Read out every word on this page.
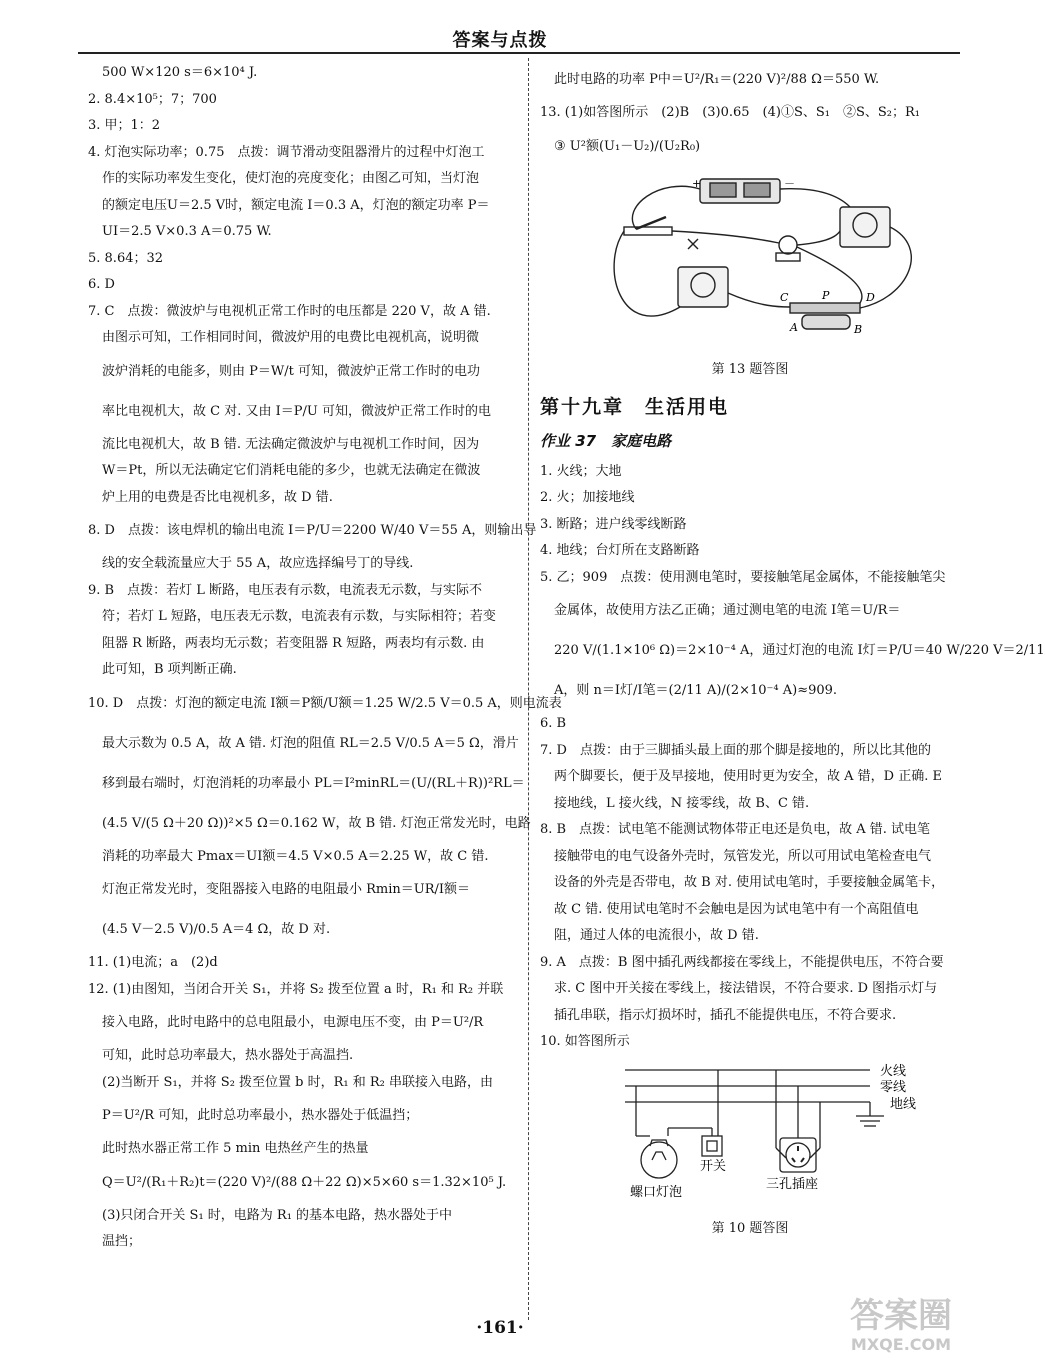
答案与点拨
500 W×120 s＝6×10⁴ J.
2. 8.4×10⁵；7；700
3. 甲；1：2
4. 灯泡实际功率；0.75　点拨：调节滑动变阻器滑片的过程中灯泡工
作的实际功率发生变化，使灯泡的亮度变化；由图乙可知，当灯泡
的额定电压U＝2.5 V时，额定电流 I＝0.3 A，灯泡的额定功率 P＝
UI＝2.5 V×0.3 A＝0.75 W.
5. 8.64；32
6. D
7. C　点拨：微波炉与电视机正常工作时的电压都是 220 V，故 A 错.
由图示可知，工作相同时间，微波炉用的电费比电视机高，说明微
波炉消耗的电能多，则由 P＝W/t 可知，微波炉正常工作时的电功
率比电视机大，故 C 对. 又由 I＝P/U 可知，微波炉正常工作时的电
流比电视机大，故 B 错. 无法确定微波炉与电视机工作时间，因为
W＝Pt，所以无法确定它们消耗电能的多少，也就无法确定在微波
炉上用的电费是否比电视机多，故 D 错.
8. D　点拨：该电焊机的输出电流 I＝P/U＝2200 W/40 V＝55 A，则输出导
线的安全载流量应大于 55 A，故应选择编号丁的导线.
9. B　点拨：若灯 L 断路，电压表有示数，电流表无示数，与实际不
符；若灯 L 短路，电压表无示数，电流表有示数，与实际相符；若变
阻器 R 断路，两表均无示数；若变阻器 R 短路，两表均有示数. 由
此可知，B 项判断正确.
10. D　点拨：灯泡的额定电流 I额＝P额/U额＝1.25 W/2.5 V＝0.5 A，则电流表
最大示数为 0.5 A，故 A 错. 灯泡的阻值 RL＝2.5 V/0.5 A＝5 Ω，滑片
移到最右端时，灯泡消耗的功率最小 PL＝I²minRL＝(U/(RL＋R))²RL＝
(4.5 V/(5 Ω＋20 Ω))²×5 Ω＝0.162 W，故 B 错. 灯泡正常发光时，电路
消耗的功率最大 Pmax＝UI额＝4.5 V×0.5 A＝2.25 W，故 C 错.
灯泡正常发光时，变阻器接入电路的电阻最小 Rmin＝UR/I额＝
(4.5 V－2.5 V)/0.5 A＝4 Ω，故 D 对.
11. (1)电流；a　(2)d
12. (1)由图知，当闭合开关 S₁，并将 S₂ 拨至位置 a 时，R₁ 和 R₂ 并联
接入电路，此时电路中的总电阻最小，电源电压不变，由 P＝U²/R
可知，此时总功率最大，热水器处于高温挡.
(2)当断开 S₁，并将 S₂ 拨至位置 b 时，R₁ 和 R₂ 串联接入电路，由
P＝U²/R 可知，此时总功率最小，热水器处于低温挡；
此时热水器正常工作 5 min 电热丝产生的热量
Q＝U²/(R₁＋R₂)t＝(220 V)²/(88 Ω＋22 Ω)×5×60 s＝1.32×10⁵ J.
(3)只闭合开关 S₁ 时，电路为 R₁ 的基本电路，热水器处于中
温挡；
此时电路的功率 P中＝U²/R₁＝(220 V)²/88 Ω＝550 W.
13. (1)如答图所示　(2)B　(3)0.65　(4)①S、S₁　②S、S₂；R₁
③ U²额(U₁－U₂)/(U₂R₀)
+	－
C	P	D
A	B
第 13 题答图
第十九章　生活用电
作业 37　家庭电路
1. 火线；大地
2. 火；加接地线
3. 断路；进户线零线断路
4. 地线；台灯所在支路断路
5. 乙；909　点拨：使用测电笔时，要接触笔尾金属体，不能接触笔尖
金属体，故使用方法乙正确；通过测电笔的电流 I笔＝U/R＝
220 V/(1.1×10⁶ Ω)＝2×10⁻⁴ A，通过灯泡的电流 I灯＝P/U＝40 W/220 V＝2/11
A，则 n＝I灯/I笔＝(2/11 A)/(2×10⁻⁴ A)≈909.
6. B
7. D　点拨：由于三脚插头最上面的那个脚是接地的，所以比其他的
两个脚要长，便于及早接地，使用时更为安全，故 A 错，D 正确. E
接地线，L 接火线，N 接零线，故 B、C 错.
8. B　点拨：试电笔不能测试物体带正电还是负电，故 A 错. 试电笔
接触带电的电气设备外壳时，氖管发光，所以可用试电笔检查电气
设备的外壳是否带电，故 B 对. 使用试电笔时，手要接触金属笔卡，
故 C 错. 使用试电笔时不会触电是因为试电笔中有一个高阻值电
阻，通过人体的电流很小，故 D 错.
9. A　点拨：B 图中插孔两线都接在零线上，不能提供电压，不符合要
求. C 图中开关接在零线上，接法错误，不符合要求. D 图指示灯与
插孔串联，指示灯损坏时，插孔不能提供电压，不符合要求.
10. 如答图所示
火线
零线
地线
开关
螺口灯泡
三孔插座
第 10 题答图
·161·	答案圈
MXQE.COM
